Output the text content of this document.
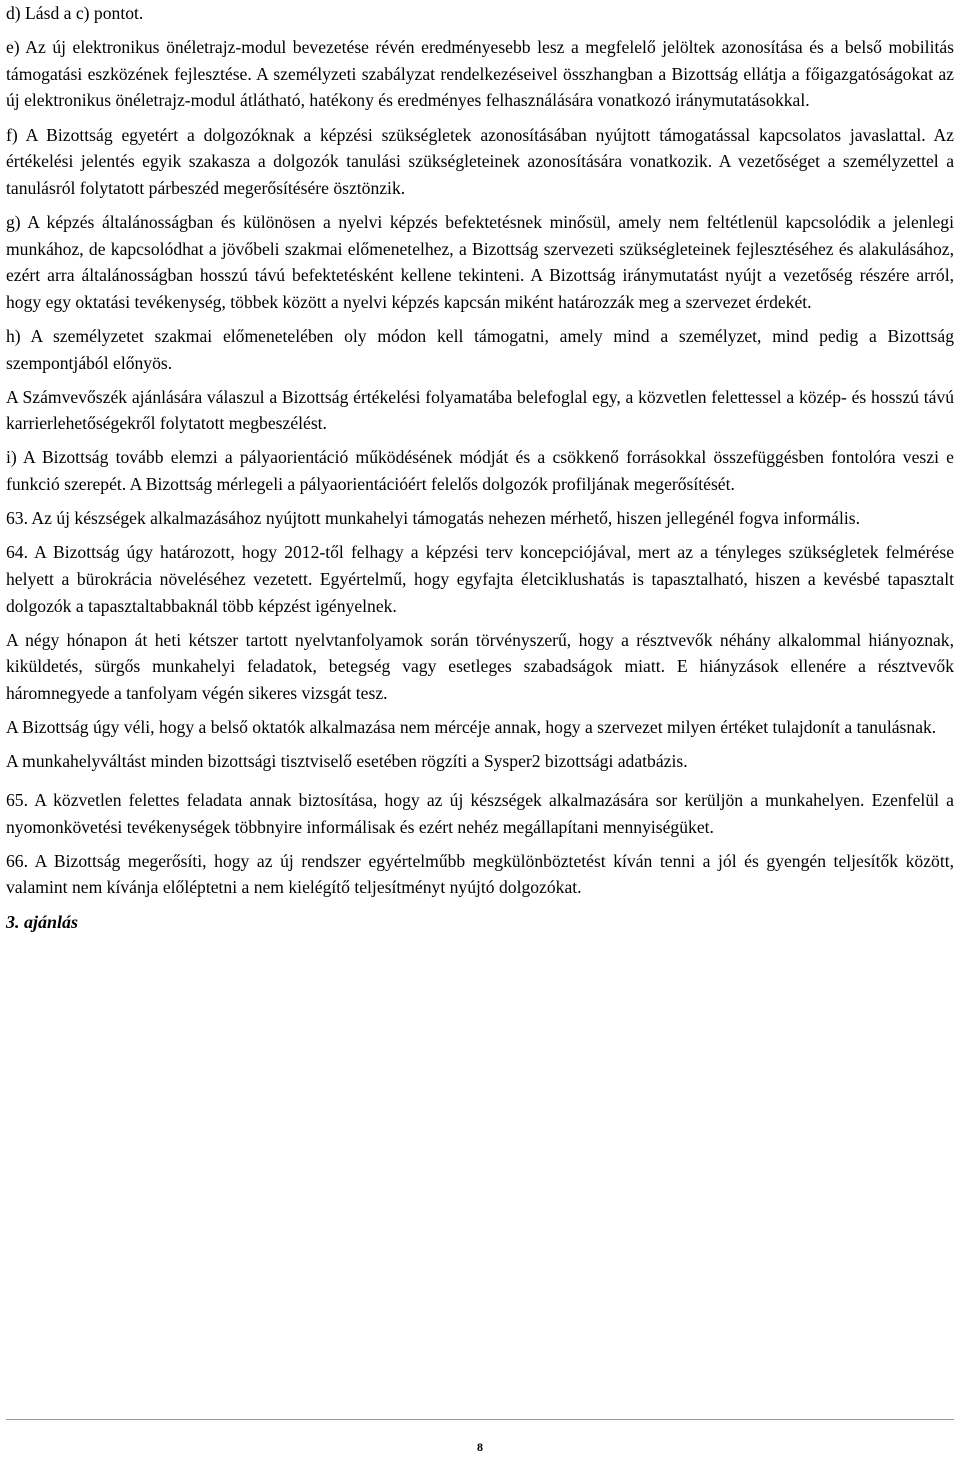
d) Lásd a c) pontot.

e) Az új elektronikus önéletrajz-modul bevezetése révén eredményesebb lesz a megfelelő jelöltek azonosítása és a belső mobilitás támogatási eszközének fejlesztése. A személyzeti szabályzat rendelkezéseivel összhangban a Bizottság ellátja a főigazgatóságokat az új elektronikus önéletrajz-modul átlátható, hatékony és eredményes felhasználására vonatkozó iránymutatásokkal.

f) A Bizottság egyetért a dolgozóknak a képzési szükségletek azonosításában nyújtott támogatással kapcsolatos javaslattal. Az értékelési jelentés egyik szakasza a dolgozók tanulási szükségleteinek azonosítására vonatkozik. A vezetőséget a személyzettel a tanulásról folytatott párbeszéd megerősítésére ösztönzik.

g) A képzés általánosságban és különösen a nyelvi képzés befektetésnek minősül, amely nem feltétlenül kapcsolódik a jelenlegi munkához, de kapcsolódhat a jövőbeli szakmai előmenetelhez, a Bizottság szervezeti szükségleteinek fejlesztéséhez és alakulásához, ezért arra általánosságban hosszú távú befektetésként kellene tekinteni. A Bizottság iránymutatást nyújt a vezetőség részére arról, hogy egy oktatási tevékenység, többek között a nyelvi képzés kapcsán miként határozzák meg a szervezet érdekét.

h) A személyzetet szakmai előmenetelében oly módon kell támogatni, amely mind a személyzet, mind pedig a Bizottság szempontjából előnyös.

A Számvevőszék ajánlására válaszul a Bizottság értékelési folyamatába belefoglal egy, a közvetlen felettessel a közép- és hosszú távú karrierlehetőségekről folytatott megbeszélést.

i) A Bizottság tovább elemzi a pályaorientáció működésének módját és a csökkenő forrásokkal összefüggésben fontolóra veszi e funkció szerepét. A Bizottság mérlegeli a pályaorientációért felelős dolgozók profiljának megerősítését.

63. Az új készségek alkalmazásához nyújtott munkahelyi támogatás nehezen mérhető, hiszen jellegénél fogva informális.

64. A Bizottság úgy határozott, hogy 2012-től felhagy a képzési terv koncepciójával, mert az a tényleges szükségletek felmérése helyett a bürokrácia növeléséhez vezetett. Egyértelmű, hogy egyfajta életciklushatás is tapasztalható, hiszen a kevésbé tapasztalt dolgozók a tapasztaltabbaknál több képzést igényelnek.

A négy hónapon át heti kétszer tartott nyelvtanfolyamok során törvényszerű, hogy a résztvevők néhány alkalommal hiányoznak, kiküldetés, sürgős munkahelyi feladatok, betegség vagy esetleges szabadságok miatt. E hiányzások ellenére a résztvevők háromnegyede a tanfolyam végén sikeres vizsgát tesz.

A Bizottság úgy véli, hogy a belső oktatók alkalmazása nem mércéje annak, hogy a szervezet milyen értéket tulajdonít a tanulásnak.

A munkahelyváltást minden bizottsági tisztviselő esetében rögzíti a Sysper2 bizottsági adatbázis.

65. A közvetlen felettes feladata annak biztosítása, hogy az új készségek alkalmazására sor kerüljön a munkahelyen. Ezenfelül a nyomonkövetési tevékenységek többnyire informálisak és ezért nehéz megállapítani mennyiségüket.

66. A Bizottság megerősíti, hogy az új rendszer egyértelműbb megkülönböztetést kíván tenni a jól és gyengén teljesítők között, valamint nem kívánja előléptetni a nem kielégítő teljesítményt nyújtó dolgozókat.

3. ajánlás
8
